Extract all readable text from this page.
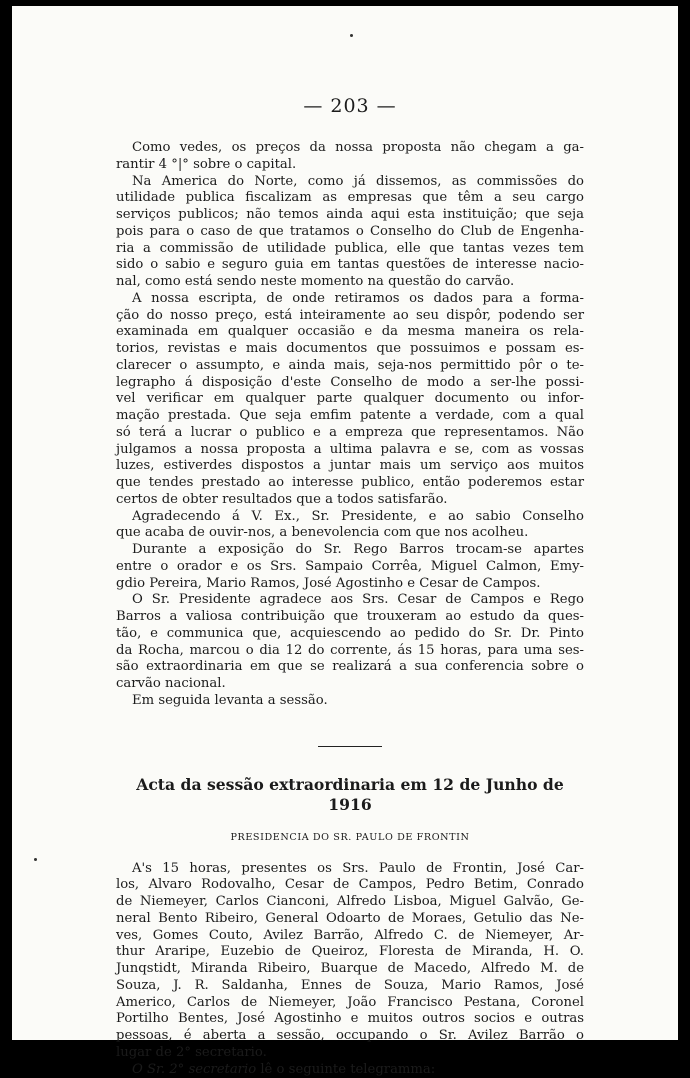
— 203 —

Como vedes, os preços da nossa proposta não chegam a ga-
rantir 4 °|° sobre o capital.

Na America do Norte, como já dissemos, as commissões do
utilidade publica fiscalizam as empresas que têm a seu cargo
serviços publicos; não temos ainda aqui esta instituição; que seja
pois para o caso de que tratamos o Conselho do Club de Engenha-
ria a commissão de utilidade publica, elle que tantas vezes tem
sido o sabio e seguro guia em tantas questões de interesse nacio-
nal, como está sendo neste momento na questão do carvão.

A nossa escripta, de onde retiramos os dados para a forma-
ção do nosso preço, está inteiramente ao seu dispôr, podendo ser
examinada em qualquer occasião e da mesma maneira os rela-
torios, revistas e mais documentos que possuimos e possam es-
clarecer o assumpto, e ainda mais, seja-nos permittido pôr o te-
legrapho á disposição d'este Conselho de modo a ser-lhe possi-
vel verificar em qualquer parte qualquer documento ou infor-
mação prestada. Que seja emfim patente a verdade, com a qual
só terá a lucrar o publico e a empreza que representamos. Não
julgamos a nossa proposta a ultima palavra e se, com as vossas
luzes, estiverdes dispostos a juntar mais um serviço aos muitos
que tendes prestado ao interesse publico, então poderemos estar
certos de obter resultados que a todos satisfarão.

Agradecendo á V. Ex., Sr. Presidente, e ao sabio Conselho
que acaba de ouvir-nos, a benevolencia com que nos acolheu.

Durante a exposição do Sr. Rego Barros trocam-se apartes
entre o orador e os Srs. Sampaio Corrêa, Miguel Calmon, Emy-
gdio Pereira, Mario Ramos, José Agostinho e Cesar de Campos.

O Sr. Presidente agradece aos Srs. Cesar de Campos e Rego
Barros a valiosa contribuição que trouxeram ao estudo da ques-
tão, e communica que, acquiescendo ao pedido do Sr. Dr. Pinto
da Rocha, marcou o dia 12 do corrente, ás 15 horas, para uma ses-
são extraordinaria em que se realizará a sua conferencia sobre o
carvão nacional.

Em seguida levanta a sessão.

Acta da sessão extraordinaria em 12 de Junho de 1916
PRESIDENCIA DO SR. PAULO DE FRONTIN

A's 15 horas, presentes os Srs. Paulo de Frontin, José Car-
los, Alvaro Rodovalho, Cesar de Campos, Pedro Betim, Conrado
de Niemeyer, Carlos Cianconi, Alfredo Lisboa, Miguel Galvão, Ge-
neral Bento Ribeiro, General Odoarto de Moraes, Getulio das Ne-
ves, Gomes Couto, Avilez Barrão, Alfredo C. de Niemeyer, Ar-
thur Araripe, Euzebio de Queiroz, Floresta de Miranda, H. O.
Junqstidt, Miranda Ribeiro, Buarque de Macedo, Alfredo M. de
Souza, J. R. Saldanha, Ennes de Souza, Mario Ramos, José
Americo, Carlos de Niemeyer, João Francisco Pestana, Coronel
Portilho Bentes, José Agostinho e muitos outros socios e outras
pessoas, é aberta a sessão, occupando o Sr. Avilez Barrão o
lugar de 2° secretario.

O Sr. 2° secretario lê o seguinte telegramma:
